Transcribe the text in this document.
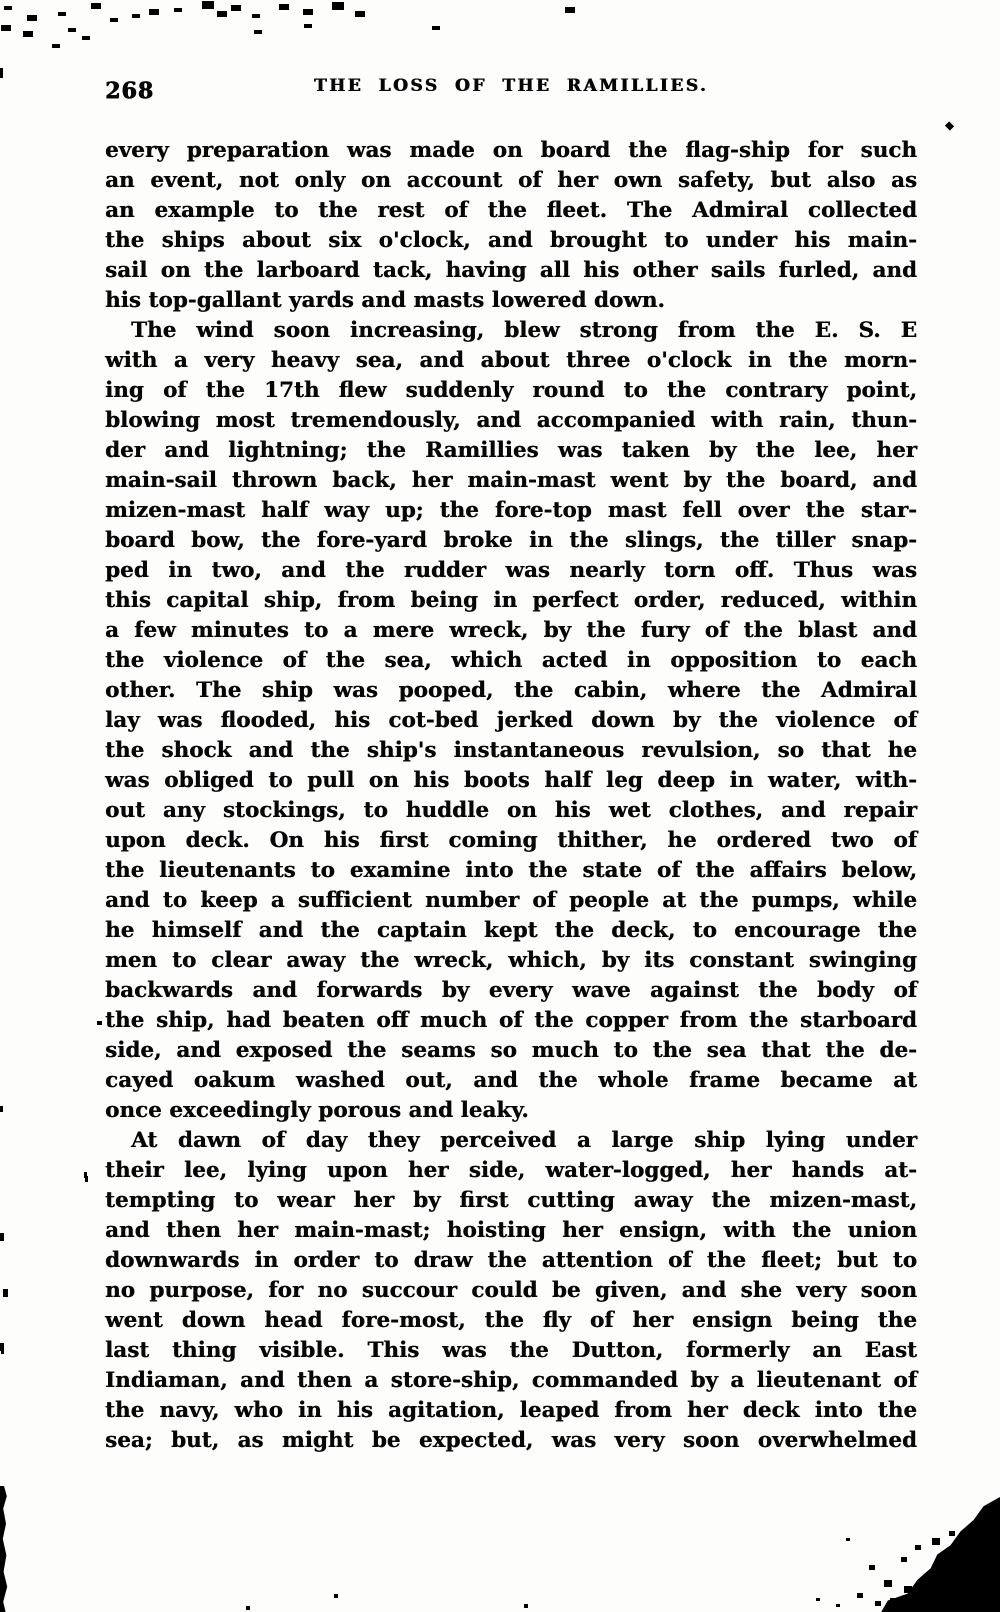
268	THE LOSS OF THE RAMILLIES.
every preparation was made on board the flag-ship for such
an event, not only on account of her own safety, but also as
an example to the rest of the fleet. The Admiral collected
the ships about six o'clock, and brought to under his main-
sail on the larboard tack, having all his other sails furled, and
his top-gallant yards and masts lowered down.
The wind soon increasing, blew strong from the E. S. E
with a very heavy sea, and about three o'clock in the morn-
ing of the 17th flew suddenly round to the contrary point,
blowing most tremendously, and accompanied with rain, thun-
der and lightning; the Ramillies was taken by the lee, her
main-sail thrown back, her main-mast went by the board, and
mizen-mast half way up; the fore-top mast fell over the star-
board bow, the fore-yard broke in the slings, the tiller snap-
ped in two, and the rudder was nearly torn off. Thus was
this capital ship, from being in perfect order, reduced, within
a few minutes to a mere wreck, by the fury of the blast and
the violence of the sea, which acted in opposition to each
other. The ship was pooped, the cabin, where the Admiral
lay was flooded, his cot-bed jerked down by the violence of
the shock and the ship's instantaneous revulsion, so that he
was obliged to pull on his boots half leg deep in water, with-
out any stockings, to huddle on his wet clothes, and repair
upon deck. On his first coming thither, he ordered two of
the lieutenants to examine into the state of the affairs below,
and to keep a sufficient number of people at the pumps, while
he himself and the captain kept the deck, to encourage the
men to clear away the wreck, which, by its constant swinging
backwards and forwards by every wave against the body of
the ship, had beaten off much of the copper from the starboard
side, and exposed the seams so much to the sea that the de-
cayed oakum washed out, and the whole frame became at
once exceedingly porous and leaky.
At dawn of day they perceived a large ship lying under
their lee, lying upon her side, water-logged, her hands at-
tempting to wear her by first cutting away the mizen-mast,
and then her main-mast; hoisting her ensign, with the union
downwards in order to draw the attention of the fleet; but to
no purpose, for no succour could be given, and she very soon
went down head fore-most, the fly of her ensign being the
last thing visible. This was the Dutton, formerly an East
Indiaman, and then a store-ship, commanded by a lieutenant of
the navy, who in his agitation, leaped from her deck into the
sea; but, as might be expected, was very soon overwhelmed
